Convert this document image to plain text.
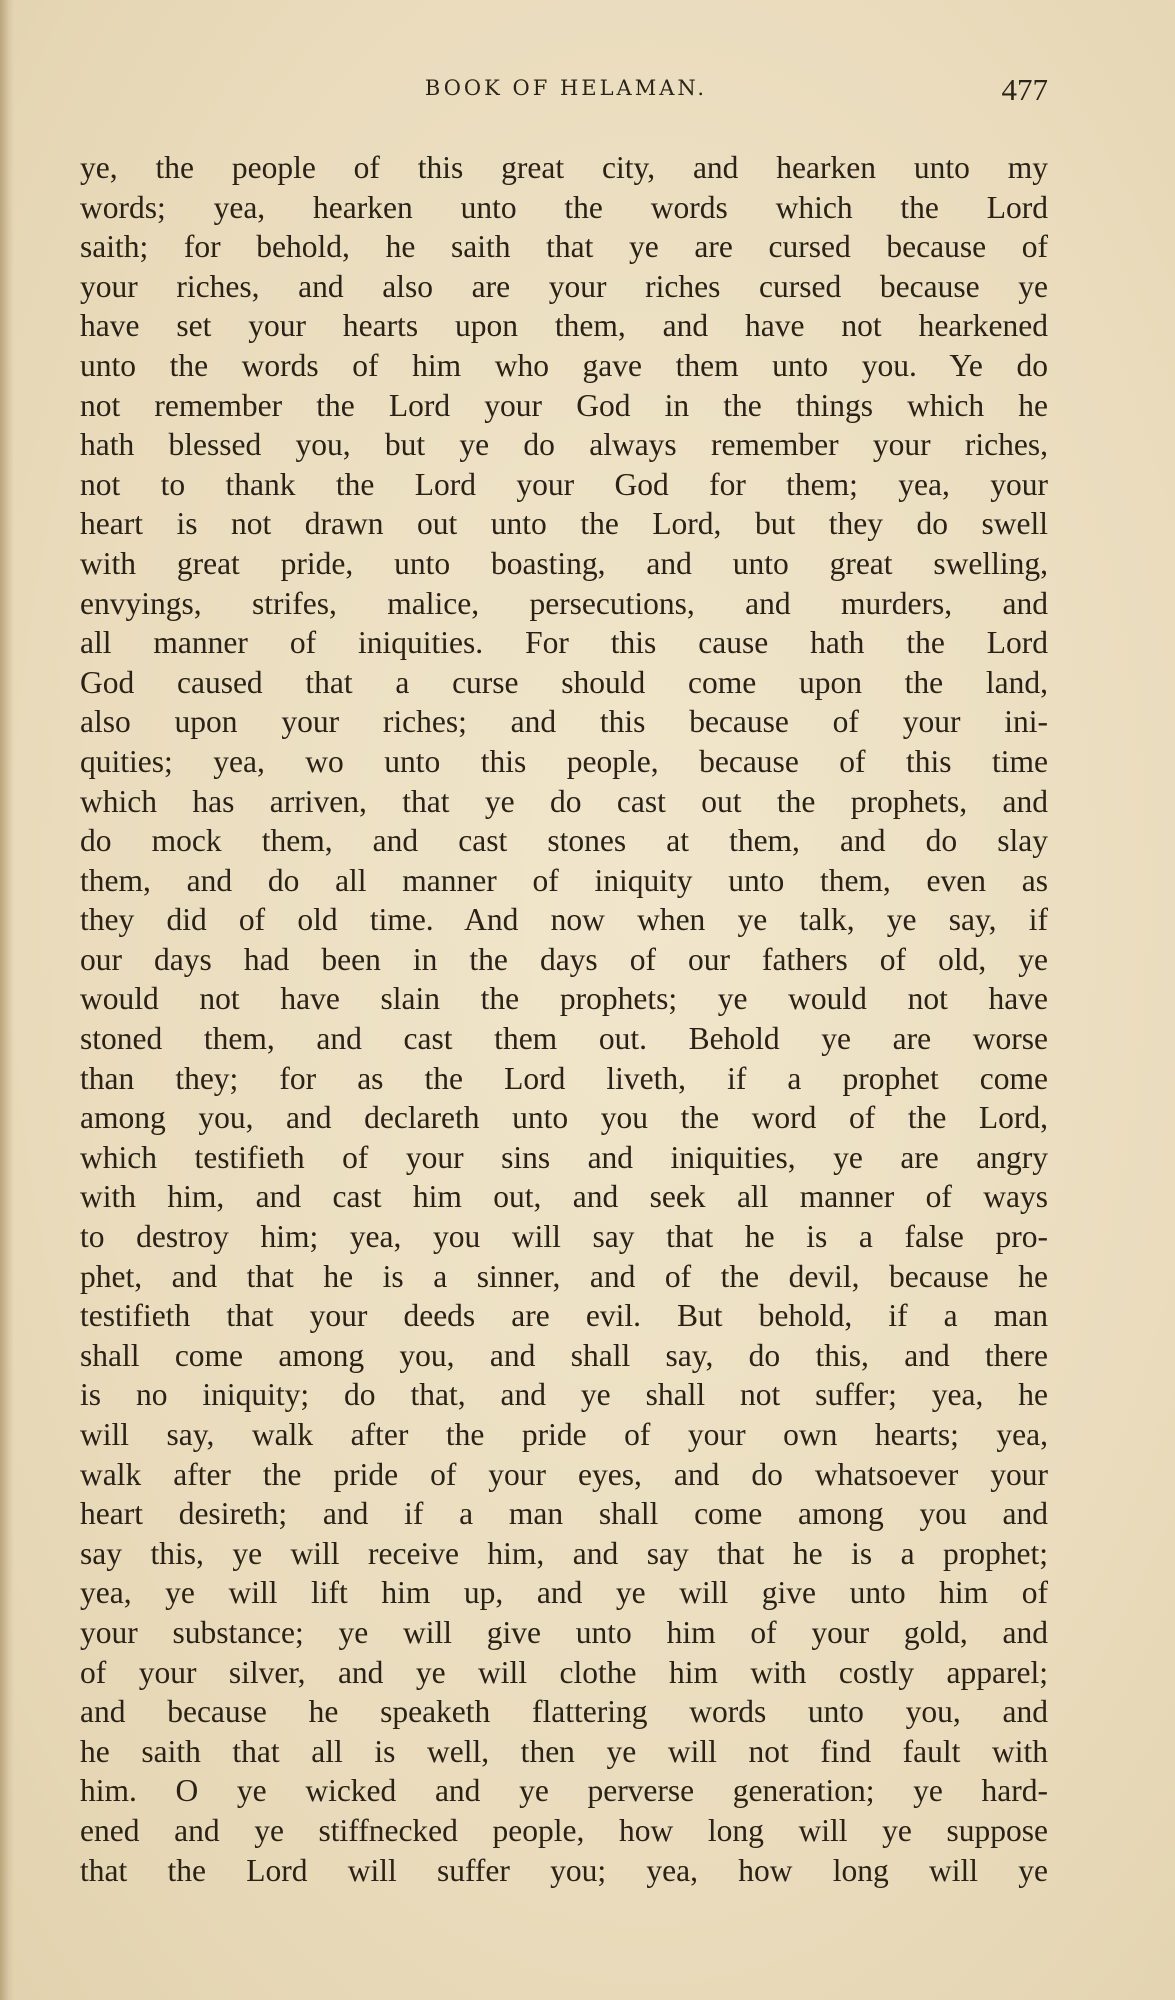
BOOK OF HELAMAN.	477
ye, the people of this great city, and hearken unto my
words; yea, hearken unto the words which the Lord
saith; for behold, he saith that ye are cursed because of
your riches, and also are your riches cursed because ye
have set your hearts upon them, and have not hearkened
unto the words of him who gave them unto you. Ye do
not remember the Lord your God in the things which he
hath blessed you, but ye do always remember your riches,
not to thank the Lord your God for them; yea, your
heart is not drawn out unto the Lord, but they do swell
with great pride, unto boasting, and unto great swelling,
envyings, strifes, malice, persecutions, and murders, and
all manner of iniquities. For this cause hath the Lord
God caused that a curse should come upon the land,
also upon your riches; and this because of your ini-
quities; yea, wo unto this people, because of this time
which has arriven, that ye do cast out the prophets, and
do mock them, and cast stones at them, and do slay
them, and do all manner of iniquity unto them, even as
they did of old time. And now when ye talk, ye say, if
our days had been in the days of our fathers of old, ye
would not have slain the prophets; ye would not have
stoned them, and cast them out. Behold ye are worse
than they; for as the Lord liveth, if a prophet come
among you, and declareth unto you the word of the Lord,
which testifieth of your sins and iniquities, ye are angry
with him, and cast him out, and seek all manner of ways
to destroy him; yea, you will say that he is a false pro-
phet, and that he is a sinner, and of the devil, because he
testifieth that your deeds are evil. But behold, if a man
shall come among you, and shall say, do this, and there
is no iniquity; do that, and ye shall not suffer; yea, he
will say, walk after the pride of your own hearts; yea,
walk after the pride of your eyes, and do whatsoever your
heart desireth; and if a man shall come among you and
say this, ye will receive him, and say that he is a prophet;
yea, ye will lift him up, and ye will give unto him of
your substance; ye will give unto him of your gold, and
of your silver, and ye will clothe him with costly apparel;
and because he speaketh flattering words unto you, and
he saith that all is well, then ye will not find fault with
him. O ye wicked and ye perverse generation; ye hard-
ened and ye stiffnecked people, how long will ye suppose
that the Lord will suffer you; yea, how long will ye
